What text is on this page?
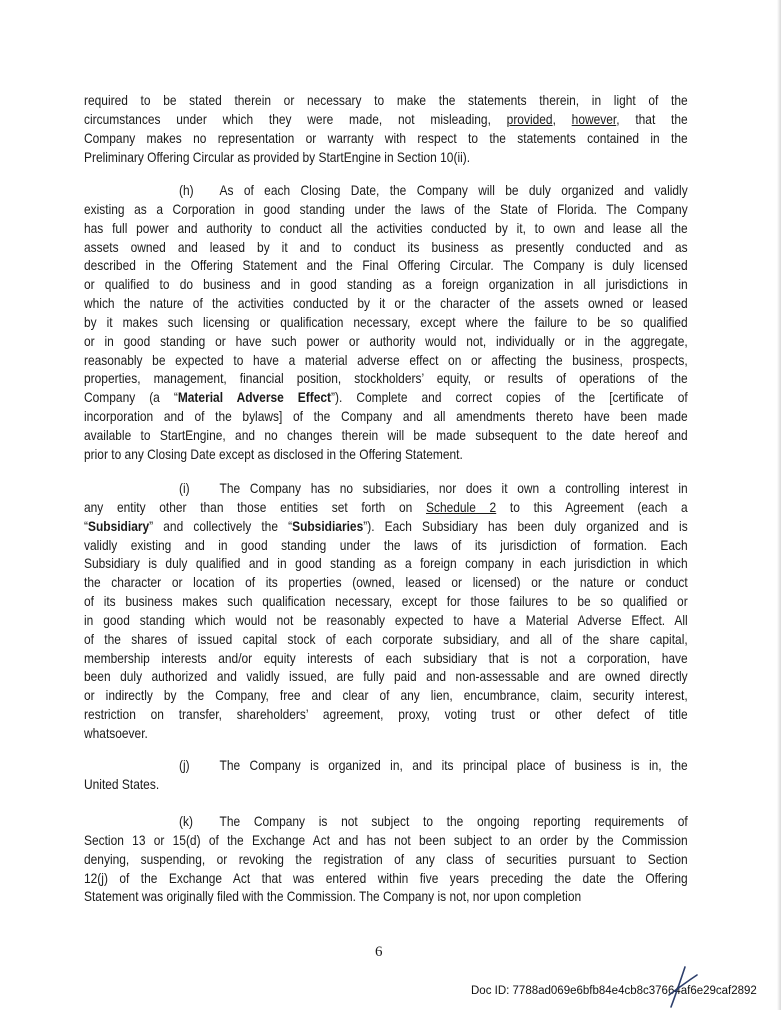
required to be stated therein or necessary to make the statements therein, in light of the
circumstances under which they were made, not misleading, provided, however, that the
Company makes no representation or warranty with respect to the statements contained in the
Preliminary Offering Circular as provided by StartEngine in Section 10(ii).
(h) As of each Closing Date, the Company will be duly organized and validly
existing as a Corporation in good standing under the laws of the State of Florida. The Company
has full power and authority to conduct all the activities conducted by it, to own and lease all the
assets owned and leased by it and to conduct its business as presently conducted and as
described in the Offering Statement and the Final Offering Circular. The Company is duly licensed
or qualified to do business and in good standing as a foreign organization in all jurisdictions in
which the nature of the activities conducted by it or the character of the assets owned or leased
by it makes such licensing or qualification necessary, except where the failure to be so qualified
or in good standing or have such power or authority would not, individually or in the aggregate,
reasonably be expected to have a material adverse effect on or affecting the business, prospects,
properties, management, financial position, stockholders’ equity, or results of operations of the
Company (a “Material Adverse Effect”). Complete and correct copies of the [certificate of
incorporation and of the bylaws] of the Company and all amendments thereto have been made
available to StartEngine, and no changes therein will be made subsequent to the date hereof and
prior to any Closing Date except as disclosed in the Offering Statement.
(i) The Company has no subsidiaries, nor does it own a controlling interest in
any entity other than those entities set forth on Schedule 2 to this Agreement (each a
“Subsidiary” and collectively the “Subsidiaries”). Each Subsidiary has been duly organized and is
validly existing and in good standing under the laws of its jurisdiction of formation. Each
Subsidiary is duly qualified and in good standing as a foreign company in each jurisdiction in which
the character or location of its properties (owned, leased or licensed) or the nature or conduct
of its business makes such qualification necessary, except for those failures to be so qualified or
in good standing which would not be reasonably expected to have a Material Adverse Effect. All
of the shares of issued capital stock of each corporate subsidiary, and all of the share capital,
membership interests and/or equity interests of each subsidiary that is not a corporation, have
been duly authorized and validly issued, are fully paid and non-assessable and are owned directly
or indirectly by the Company, free and clear of any lien, encumbrance, claim, security interest,
restriction on transfer, shareholders’ agreement, proxy, voting trust or other defect of title
whatsoever.
(j) The Company is organized in, and its principal place of business is in, the
United States.
(k) The Company is not subject to the ongoing reporting requirements of
Section 13 or 15(d) of the Exchange Act and has not been subject to an order by the Commission
denying, suspending, or revoking the registration of any class of securities pursuant to Section
12(j) of the Exchange Act that was entered within five years preceding the date the Offering
Statement was originally filed with the Commission. The Company is not, nor upon completion
6
Doc ID: 7788ad069e6bfb84e4cb8c37664af6e29caf2892
